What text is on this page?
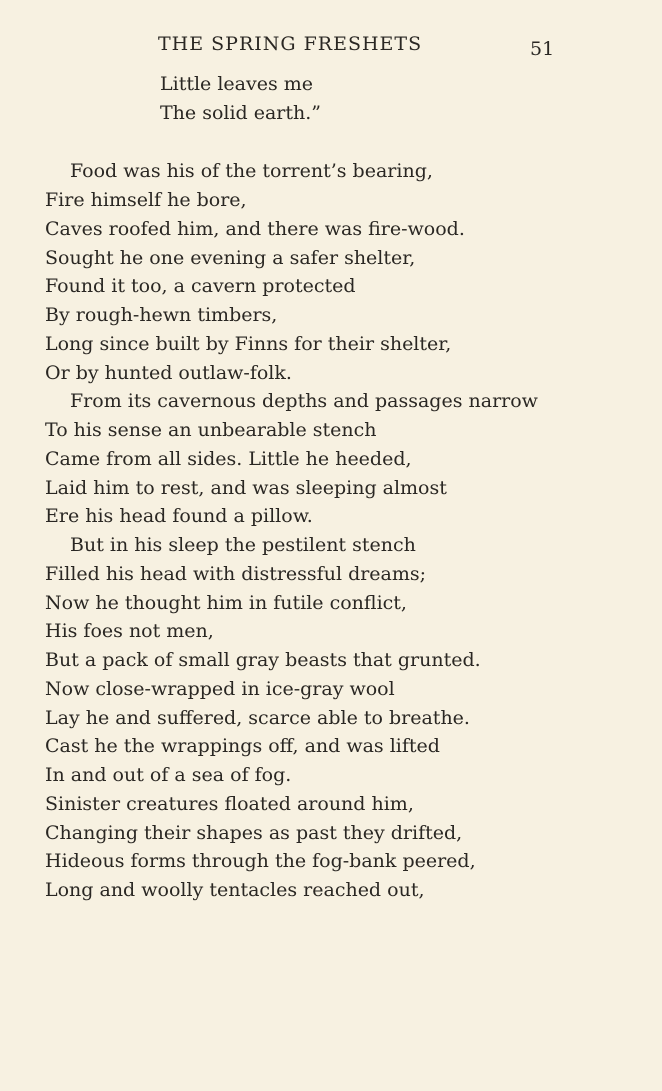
THE SPRING FRESHETS	51
Little leaves me
The solid earth.”
Food was his of the torrent’s bearing,
Fire himself he bore,
Caves roofed him, and there was fire-wood.
Sought he one evening a safer shelter,
Found it too, a cavern protected
By rough-hewn timbers,
Long since built by Finns for their shelter,
Or by hunted outlaw-folk.
From its cavernous depths and passages narrow
To his sense an unbearable stench
Came from all sides. Little he heeded,
Laid him to rest, and was sleeping almost
Ere his head found a pillow.
But in his sleep the pestilent stench
Filled his head with distressful dreams;
Now he thought him in futile conflict,
His foes not men,
But a pack of small gray beasts that grunted.
Now close-wrapped in ice-gray wool
Lay he and suffered, scarce able to breathe.
Cast he the wrappings off, and was lifted
In and out of a sea of fog.
Sinister creatures floated around him,
Changing their shapes as past they drifted,
Hideous forms through the fog-bank peered,
Long and woolly tentacles reached out,
